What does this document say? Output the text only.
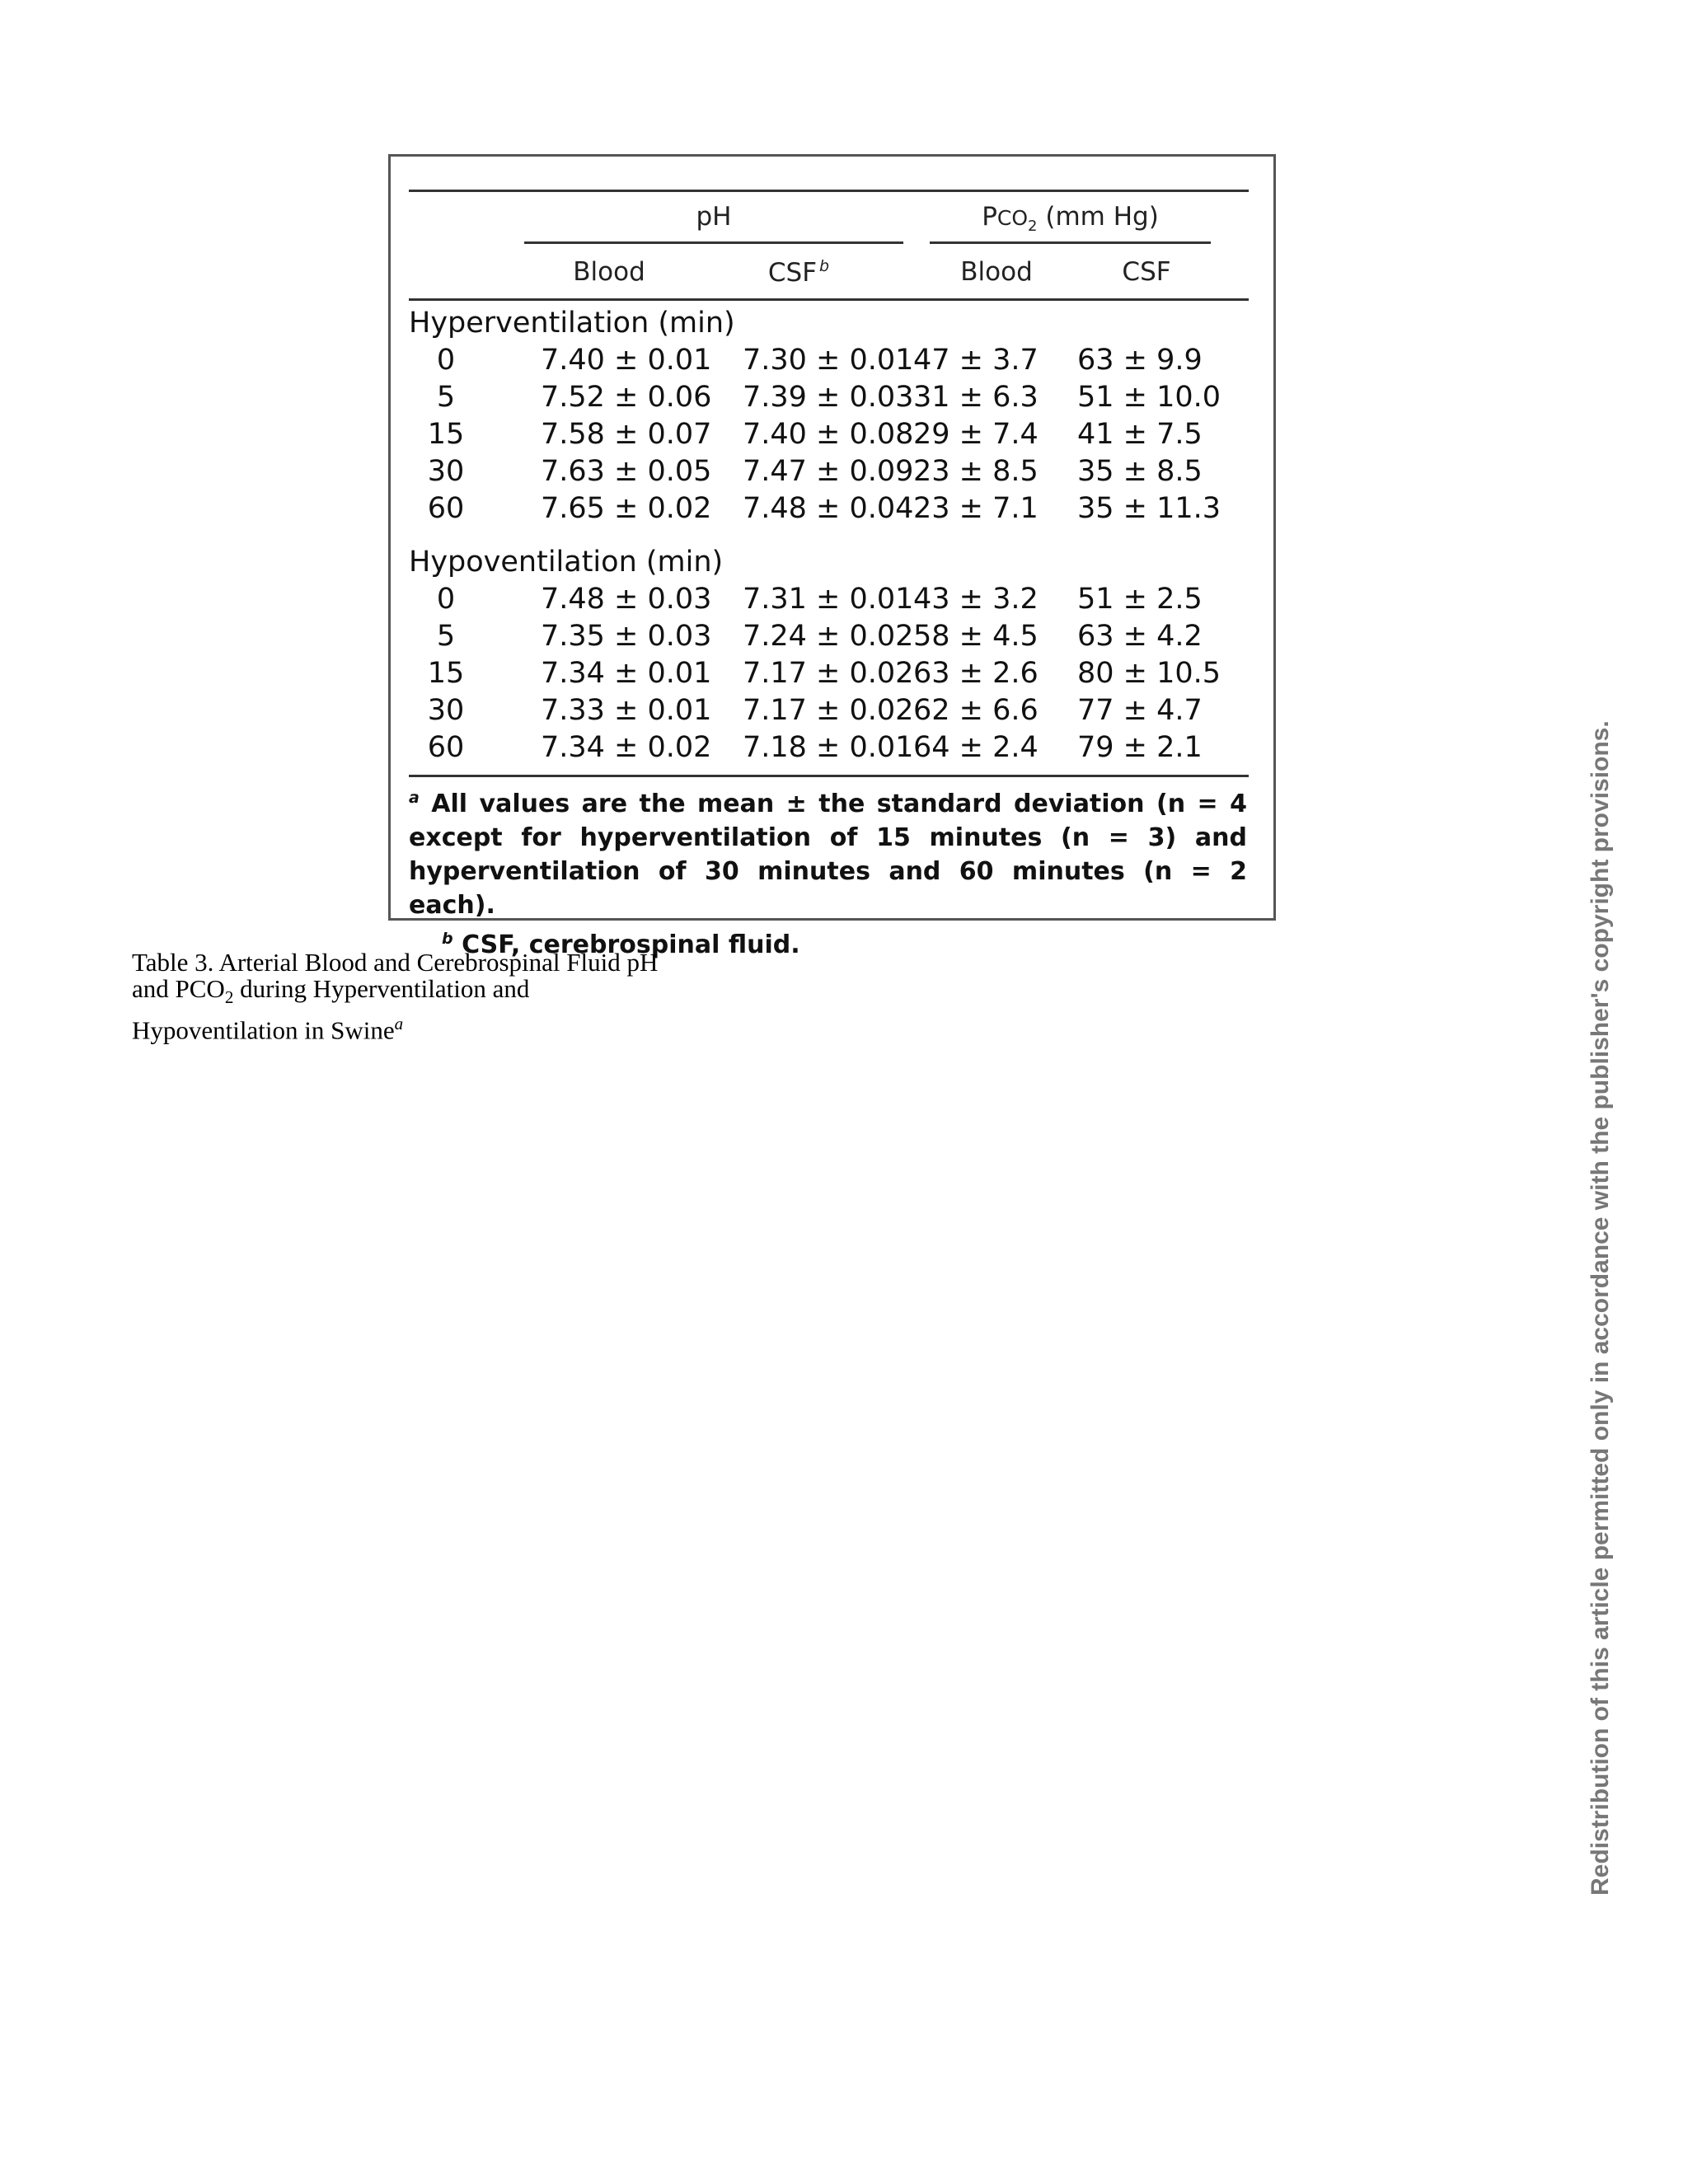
pH	$PCO_2$ (mm Hg)
Blood	CSF $^b$	Blood	CSF
Hyperventilation (min)
0	7.40 ± 0.01 7.30 ± 0.01 47 ± 3.7 63 ± 9.9
5	7.52 ± 0.06 7.39 ± 0.03 31 ± 6.3 51 ± 10.0
15	7.58 ± 0.07 7.40 ± 0.08 29 ± 7.4 41 ± 7.5
30	7.63 ± 0.05 7.47 ± 0.09 23 ± 8.5 35 ± 8.5
60	7.65 ± 0.02 7.48 ± 0.04 23 ± 7.1 35 ± 11.3
Hypoventilation (min)
0	7.48 ± 0.03 7.31 ± 0.01 43 ± 3.2 51 ± 2.5
5	7.35 ± 0.03 7.24 ± 0.02 58 ± 4.5 63 ± 4.2
15	7.34 ± 0.01 7.17 ± 0.02 63 ± 2.6 80 ± 10.5
30	7.33 ± 0.01 7.17 ± 0.02 62 ± 6.6 77 ± 4.7
60	7.34 ± 0.02 7.18 ± 0.01 64 ± 2.4 79 ± 2.1
$^a$ All values are the mean ± the standard deviation (n = 4 except for hyperventilation of 15 minutes (n = 3) and hyperventilation of 30 minutes and 60 minutes (n = 2 each).
$^b$ CSF, cerebrospinal fluid.
Table 3. Arterial Blood and Cerebrospinal Fluid pH
and $PCO_2$ during Hyperventilation and
Hypoventilation in Swine$^a$	Redistribution of this article permitted only in accordance with the publisher's copyright provisions.
